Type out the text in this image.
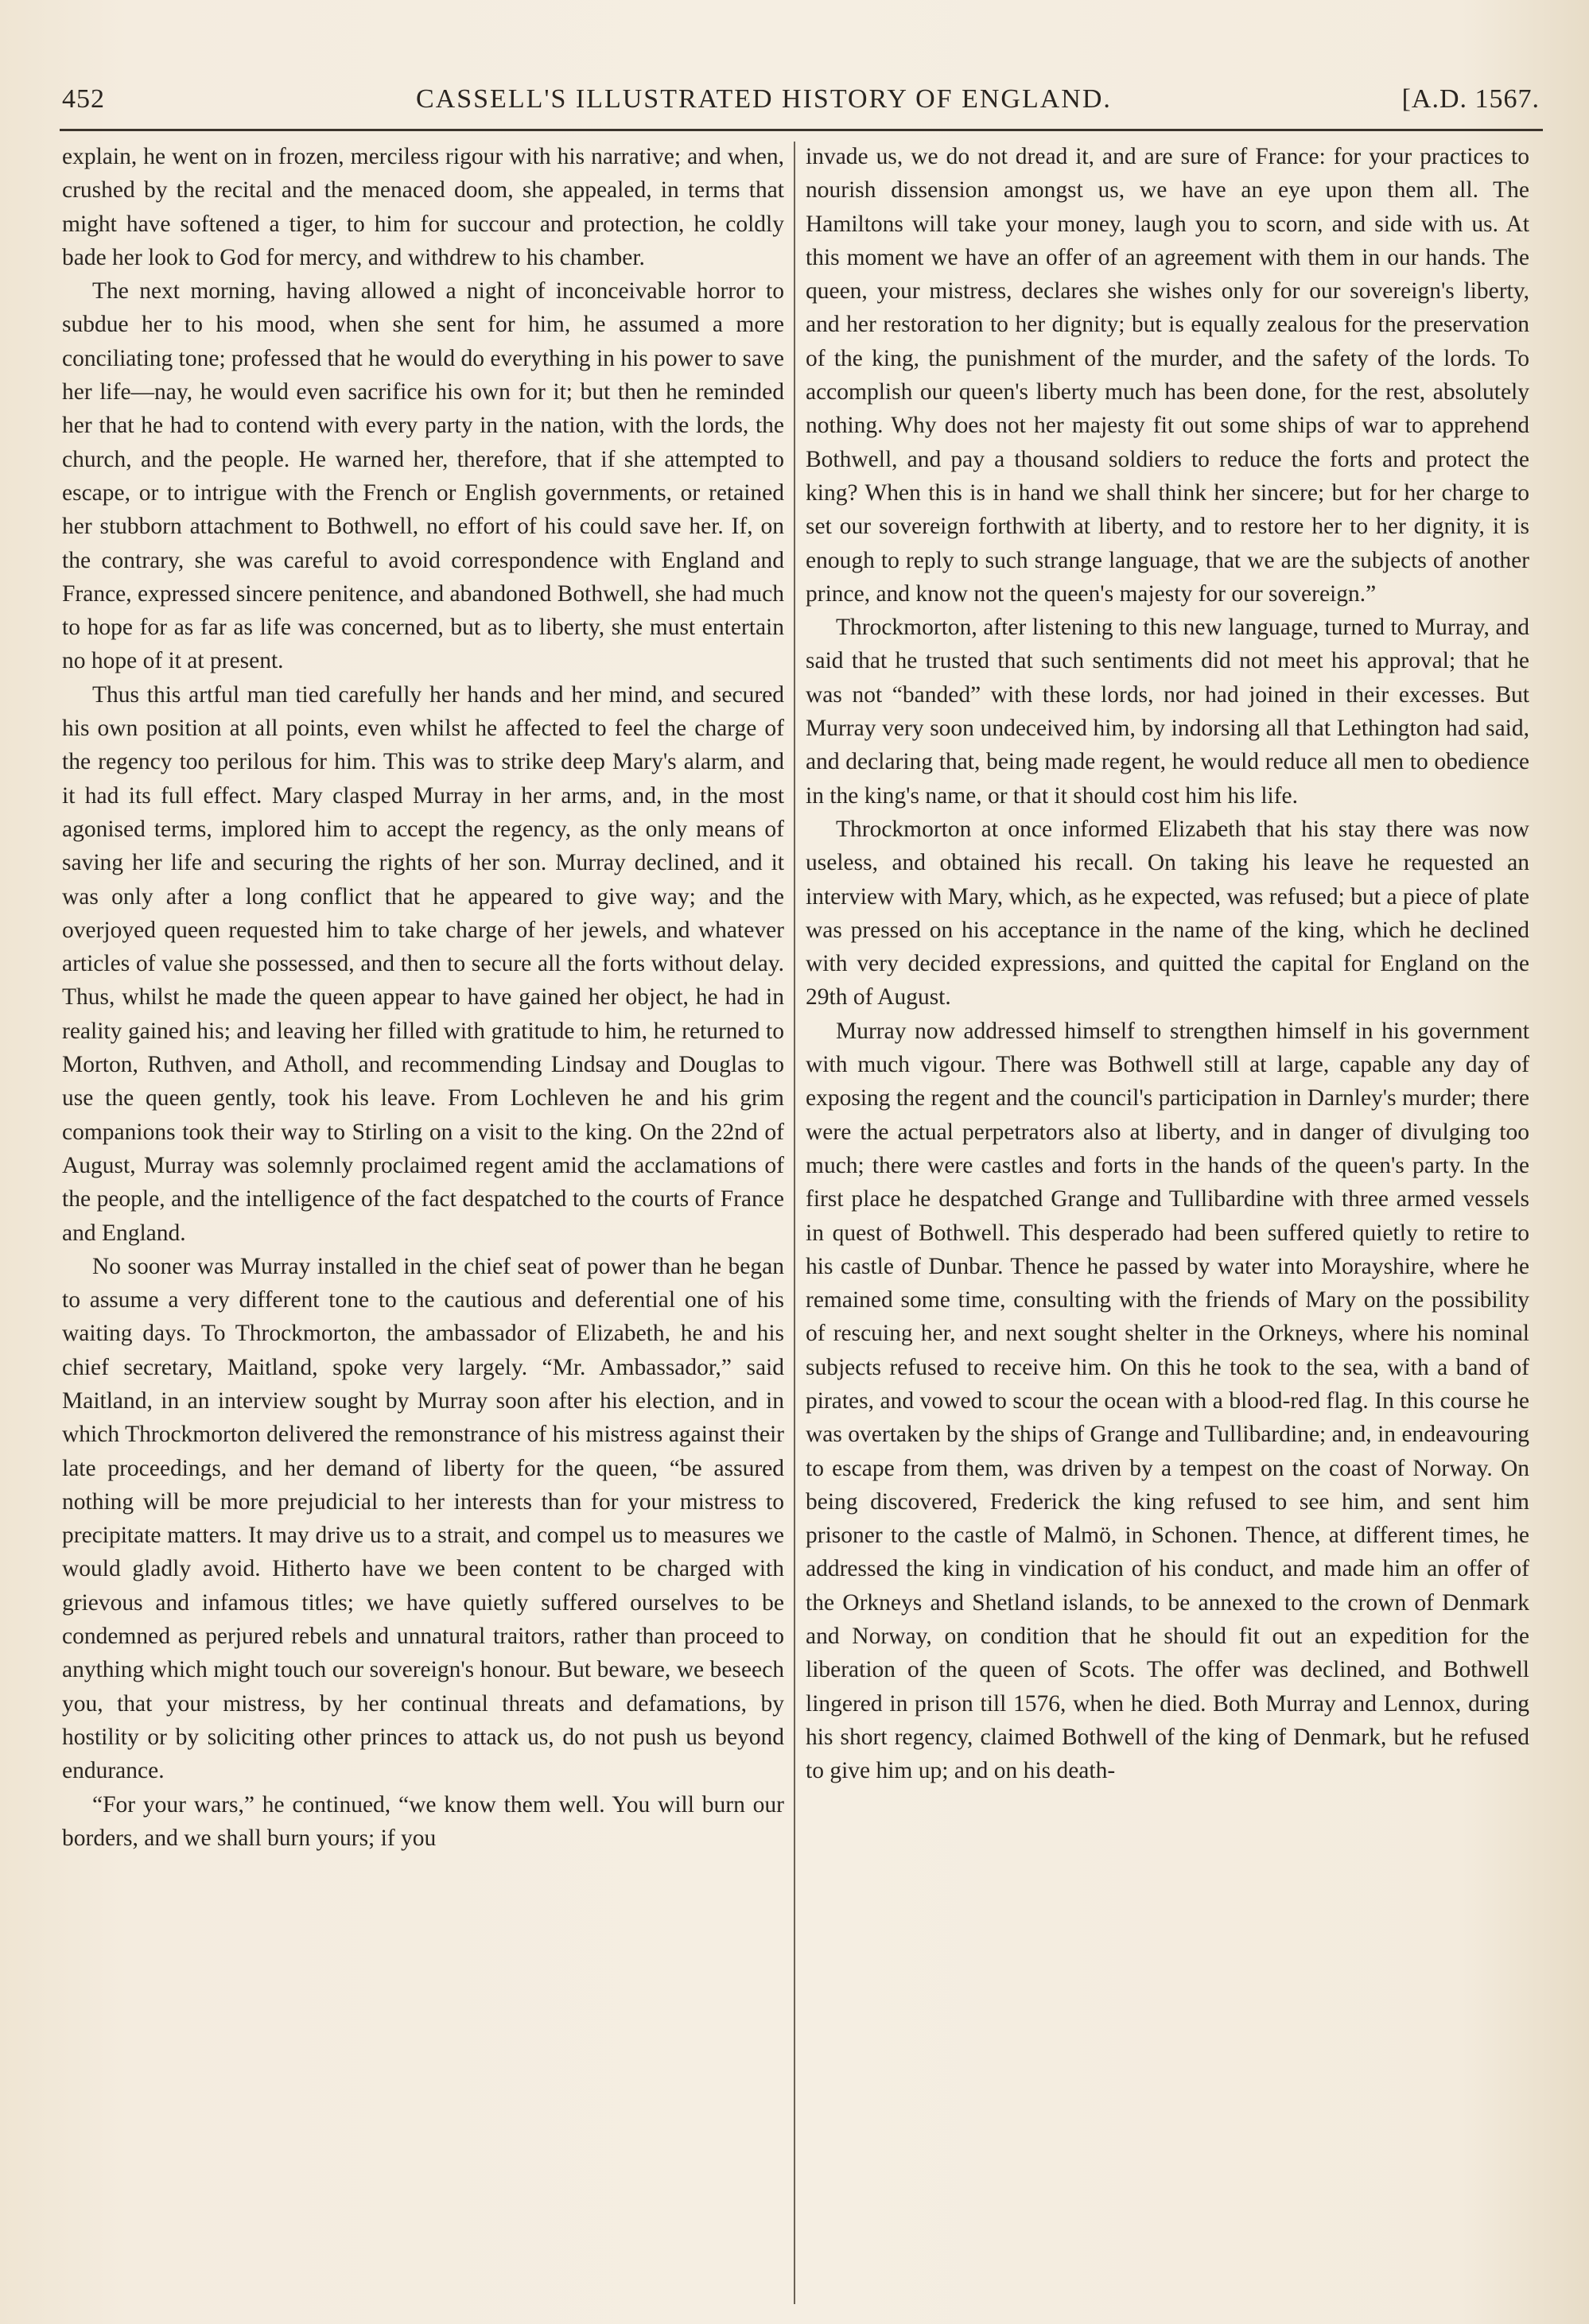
452	CASSELL'S ILLUSTRATED HISTORY OF ENGLAND.	[A.D. 1567.

explain, he went on in frozen, merciless rigour with his narrative; and when, crushed by the recital and the menaced doom, she appealed, in terms that might have softened a tiger, to him for succour and protection, he coldly bade her look to God for mercy, and withdrew to his chamber.

The next morning, having allowed a night of inconceivable horror to subdue her to his mood, when she sent for him, he assumed a more conciliating tone; professed that he would do everything in his power to save her life—nay, he would even sacrifice his own for it; but then he reminded her that he had to contend with every party in the nation, with the lords, the church, and the people. He warned her, therefore, that if she attempted to escape, or to intrigue with the French or English governments, or retained her stubborn attachment to Bothwell, no effort of his could save her. If, on the contrary, she was careful to avoid correspondence with England and France, expressed sincere penitence, and abandoned Bothwell, she had much to hope for as far as life was concerned, but as to liberty, she must entertain no hope of it at present.

Thus this artful man tied carefully her hands and her mind, and secured his own position at all points, even whilst he affected to feel the charge of the regency too perilous for him. This was to strike deep Mary's alarm, and it had its full effect. Mary clasped Murray in her arms, and, in the most agonised terms, implored him to accept the regency, as the only means of saving her life and securing the rights of her son. Murray declined, and it was only after a long conflict that he appeared to give way; and the overjoyed queen requested him to take charge of her jewels, and whatever articles of value she possessed, and then to secure all the forts without delay. Thus, whilst he made the queen appear to have gained her object, he had in reality gained his; and leaving her filled with gratitude to him, he returned to Morton, Ruthven, and Atholl, and recommending Lindsay and Douglas to use the queen gently, took his leave. From Lochleven he and his grim companions took their way to Stirling on a visit to the king. On the 22nd of August, Murray was solemnly proclaimed regent amid the acclamations of the people, and the intelligence of the fact despatched to the courts of France and England.

No sooner was Murray installed in the chief seat of power than he began to assume a very different tone to the cautious and deferential one of his waiting days. To Throckmorton, the ambassador of Elizabeth, he and his chief secretary, Maitland, spoke very largely. “Mr. Ambassador,” said Maitland, in an interview sought by Murray soon after his election, and in which Throckmorton delivered the remonstrance of his mistress against their late proceedings, and her demand of liberty for the queen, “be assured nothing will be more prejudicial to her interests than for your mistress to precipitate matters. It may drive us to a strait, and compel us to measures we would gladly avoid. Hitherto have we been content to be charged with grievous and infamous titles; we have quietly suffered ourselves to be condemned as perjured rebels and unnatural traitors, rather than proceed to anything which might touch our sovereign's honour. But beware, we beseech you, that your mistress, by her continual threats and defamations, by hostility or by soliciting other princes to attack us, do not push us beyond endurance.

“For your wars,” he continued, “we know them well. You will burn our borders, and we shall burn yours; if you

invade us, we do not dread it, and are sure of France: for your practices to nourish dissension amongst us, we have an eye upon them all. The Hamiltons will take your money, laugh you to scorn, and side with us. At this moment we have an offer of an agreement with them in our hands. The queen, your mistress, declares she wishes only for our sovereign's liberty, and her restoration to her dignity; but is equally zealous for the preservation of the king, the punishment of the murder, and the safety of the lords. To accomplish our queen's liberty much has been done, for the rest, absolutely nothing. Why does not her majesty fit out some ships of war to apprehend Bothwell, and pay a thousand soldiers to reduce the forts and protect the king? When this is in hand we shall think her sincere; but for her charge to set our sovereign forthwith at liberty, and to restore her to her dignity, it is enough to reply to such strange language, that we are the subjects of another prince, and know not the queen's majesty for our sovereign.”

Throckmorton, after listening to this new language, turned to Murray, and said that he trusted that such sentiments did not meet his approval; that he was not “banded” with these lords, nor had joined in their excesses. But Murray very soon undeceived him, by indorsing all that Lethington had said, and declaring that, being made regent, he would reduce all men to obedience in the king's name, or that it should cost him his life.

Throckmorton at once informed Elizabeth that his stay there was now useless, and obtained his recall. On taking his leave he requested an interview with Mary, which, as he expected, was refused; but a piece of plate was pressed on his acceptance in the name of the king, which he declined with very decided expressions, and quitted the capital for England on the 29th of August.

Murray now addressed himself to strengthen himself in his government with much vigour. There was Bothwell still at large, capable any day of exposing the regent and the council's participation in Darnley's murder; there were the actual perpetrators also at liberty, and in danger of divulging too much; there were castles and forts in the hands of the queen's party. In the first place he despatched Grange and Tullibardine with three armed vessels in quest of Bothwell. This desperado had been suffered quietly to retire to his castle of Dunbar. Thence he passed by water into Morayshire, where he remained some time, consulting with the friends of Mary on the possibility of rescuing her, and next sought shelter in the Orkneys, where his nominal subjects refused to receive him. On this he took to the sea, with a band of pirates, and vowed to scour the ocean with a blood-red flag. In this course he was overtaken by the ships of Grange and Tullibardine; and, in endeavouring to escape from them, was driven by a tempest on the coast of Norway. On being discovered, Frederick the king refused to see him, and sent him prisoner to the castle of Malmö, in Schonen. Thence, at different times, he addressed the king in vindication of his conduct, and made him an offer of the Orkneys and Shetland islands, to be annexed to the crown of Denmark and Norway, on condition that he should fit out an expedition for the liberation of the queen of Scots. The offer was declined, and Bothwell lingered in prison till 1576, when he died. Both Murray and Lennox, during his short regency, claimed Bothwell of the king of Denmark, but he refused to give him up; and on his death-
